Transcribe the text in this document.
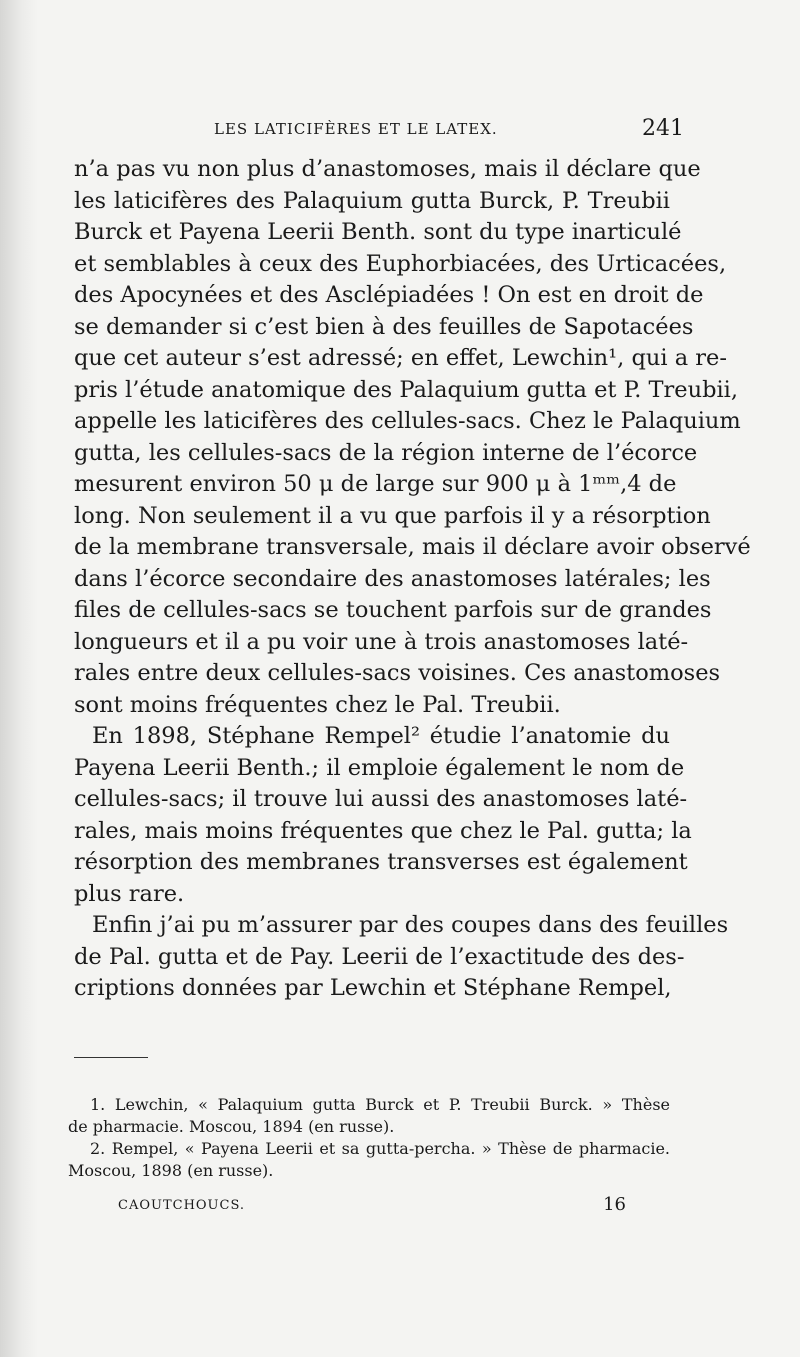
LES LATICIFÈRES ET LE LATEX.	241
n’a pas vu non plus d’anastomoses, mais il déclare que
les laticifères des Palaquium gutta Burck, P. Treubii
Burck et Payena Leerii Benth. sont du type inarticulé
et semblables à ceux des Euphorbiacées, des Urticacées,
des Apocynées et des Asclépiadées ! On est en droit de
se demander si c’est bien à des feuilles de Sapotacées
que cet auteur s’est adressé; en effet, Lewchin¹, qui a re-
pris l’étude anatomique des Palaquium gutta et P. Treubii,
appelle les laticifères des cellules-sacs. Chez le Palaquium
gutta, les cellules-sacs de la région interne de l’écorce
mesurent environ 50 μ de large sur 900 μ à 1ᵐᵐ,4 de
long. Non seulement il a vu que parfois il y a résorption
de la membrane transversale, mais il déclare avoir observé
dans l’écorce secondaire des anastomoses latérales; les
files de cellules-sacs se touchent parfois sur de grandes
longueurs et il a pu voir une à trois anastomoses laté-
rales entre deux cellules-sacs voisines. Ces anastomoses
sont moins fréquentes chez le Pal. Treubii.
En 1898, Stéphane Rempel² étudie l’anatomie du
Payena Leerii Benth.; il emploie également le nom de
cellules-sacs; il trouve lui aussi des anastomoses laté-
rales, mais moins fréquentes que chez le Pal. gutta; la
résorption des membranes transverses est également
plus rare.
Enfin j’ai pu m’assurer par des coupes dans des feuilles
de Pal. gutta et de Pay. Leerii de l’exactitude des des-
criptions données par Lewchin et Stéphane Rempel,
1. Lewchin, « Palaquium gutta Burck et P. Treubii Burck. » Thèse
de pharmacie. Moscou, 1894 (en russe).
2. Rempel, « Payena Leerii et sa gutta-percha. » Thèse de pharmacie.
Moscou, 1898 (en russe).
CAOUTCHOUCS.	16
